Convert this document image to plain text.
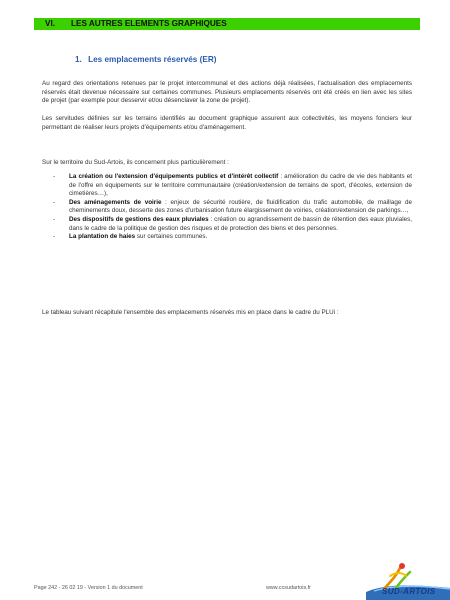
VI. LES AUTRES ELEMENTS GRAPHIQUES
1. Les emplacements réservés (ER)

Au regard des orientations retenues par le projet intercommunal et des actions déjà réalisées, l'actualisation des emplacements réservés était devenue nécessaire sur certaines communes. Plusieurs emplacements réservés ont été créés en lien avec les sites de projet (par exemple pour desservir et/ou désenclaver la zone de projet).

Les servitudes définies sur les terrains identifiés au document graphique assurent aux collectivités, les moyens fonciers leur permettant de réaliser leurs projets d'équipements et/ou d'aménagement.

Sur le territoire du Sud-Artois, ils concernent plus particulièrement :

- La création ou l'extension d'équipements publics et d'intérêt collectif : amélioration du cadre de vie des habitants et de l'offre en équipements sur le territoire communautaire (création/extension de terrains de sport, d'écoles, extension de cimetières…),
- Des aménagements de voirie : enjeux de sécurité routière, de fluidification du trafic automobile, de maillage de cheminements doux, desserte des zones d'urbanisation future élargissement de voiries, création/extension de parkings…,
- Des dispositifs de gestions des eaux pluviales : création ou agrandissement de bassin de rétention des eaux pluviales, dans le cadre de la politique de gestion des risques et de protection des biens et des personnes.
- La plantation de haies sur certaines communes.

Le tableau suivant récapitule l'ensemble des emplacements réservés mis en place dans le cadre du PLUi :

Page 242 - 26 02 19 - Version 1 du document	www.ccsudartois.fr	SUD-ARTOIS
